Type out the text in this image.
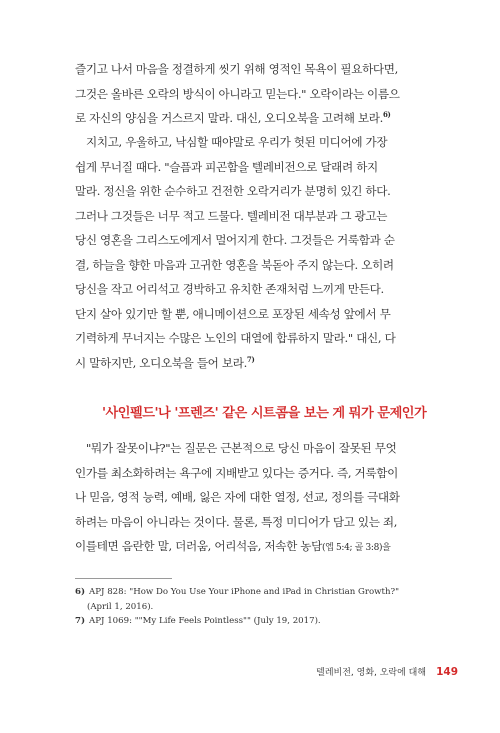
즐기고 나서 마음을 정결하게 씻기 위해 영적인 목욕이 필요하다면,
그것은 올바른 오락의 방식이 아니라고 믿는다." 오락이라는 이름으
로 자신의 양심을 거스르지 말라. 대신, 오디오북을 고려해 보라.$^{6)}$
지치고, 우울하고, 낙심할 때야말로 우리가 헛된 미디어에 가장
쉽게 무너질 때다. "슬픔과 피곤함을 텔레비전으로 달래려 하지
말라. 정신을 위한 순수하고 건전한 오락거리가 분명히 있긴 하다.
그러나 그것들은 너무 적고 드물다. 텔레비전 대부분과 그 광고는
당신 영혼을 그리스도에게서 멀어지게 한다. 그것들은 거룩함과 순
결, 하늘을 향한 마음과 고귀한 영혼을 북돋아 주지 않는다. 오히려
당신을 작고 어리석고 경박하고 유치한 존재처럼 느끼게 만든다.
단지 살아 있기만 할 뿐, 애니메이션으로 포장된 세속성 앞에서 무
기력하게 무너지는 수많은 노인의 대열에 합류하지 말라." 대신, 다
시 말하지만, 오디오북을 들어 보라.$^{7)}$
'사인펠드'나 '프렌즈' 같은 시트콤을 보는 게 뭐가 문제인가
"뭐가 잘못이냐?"는 질문은 근본적으로 당신 마음이 잘못된 무엇
인가를 최소화하려는 욕구에 지배받고 있다는 증거다. 즉, 거룩함이
나 믿음, 영적 능력, 예배, 잃은 자에 대한 열정, 선교, 정의를 극대화
하려는 마음이 아니라는 것이다. 물론, 특정 미디어가 담고 있는 죄,
이를테면 음란한 말, 더러움, 어리석음, 저속한 농담(엡 5:4; 골 3:8)을
6) APJ 828: "How Do You Use Your iPhone and iPad in Christian Growth?"
(April 1, 2016).
7) APJ 1069: ""My Life Feels Pointless"" (July 19, 2017).
텔레비전, 영화, 오락에 대해 149
